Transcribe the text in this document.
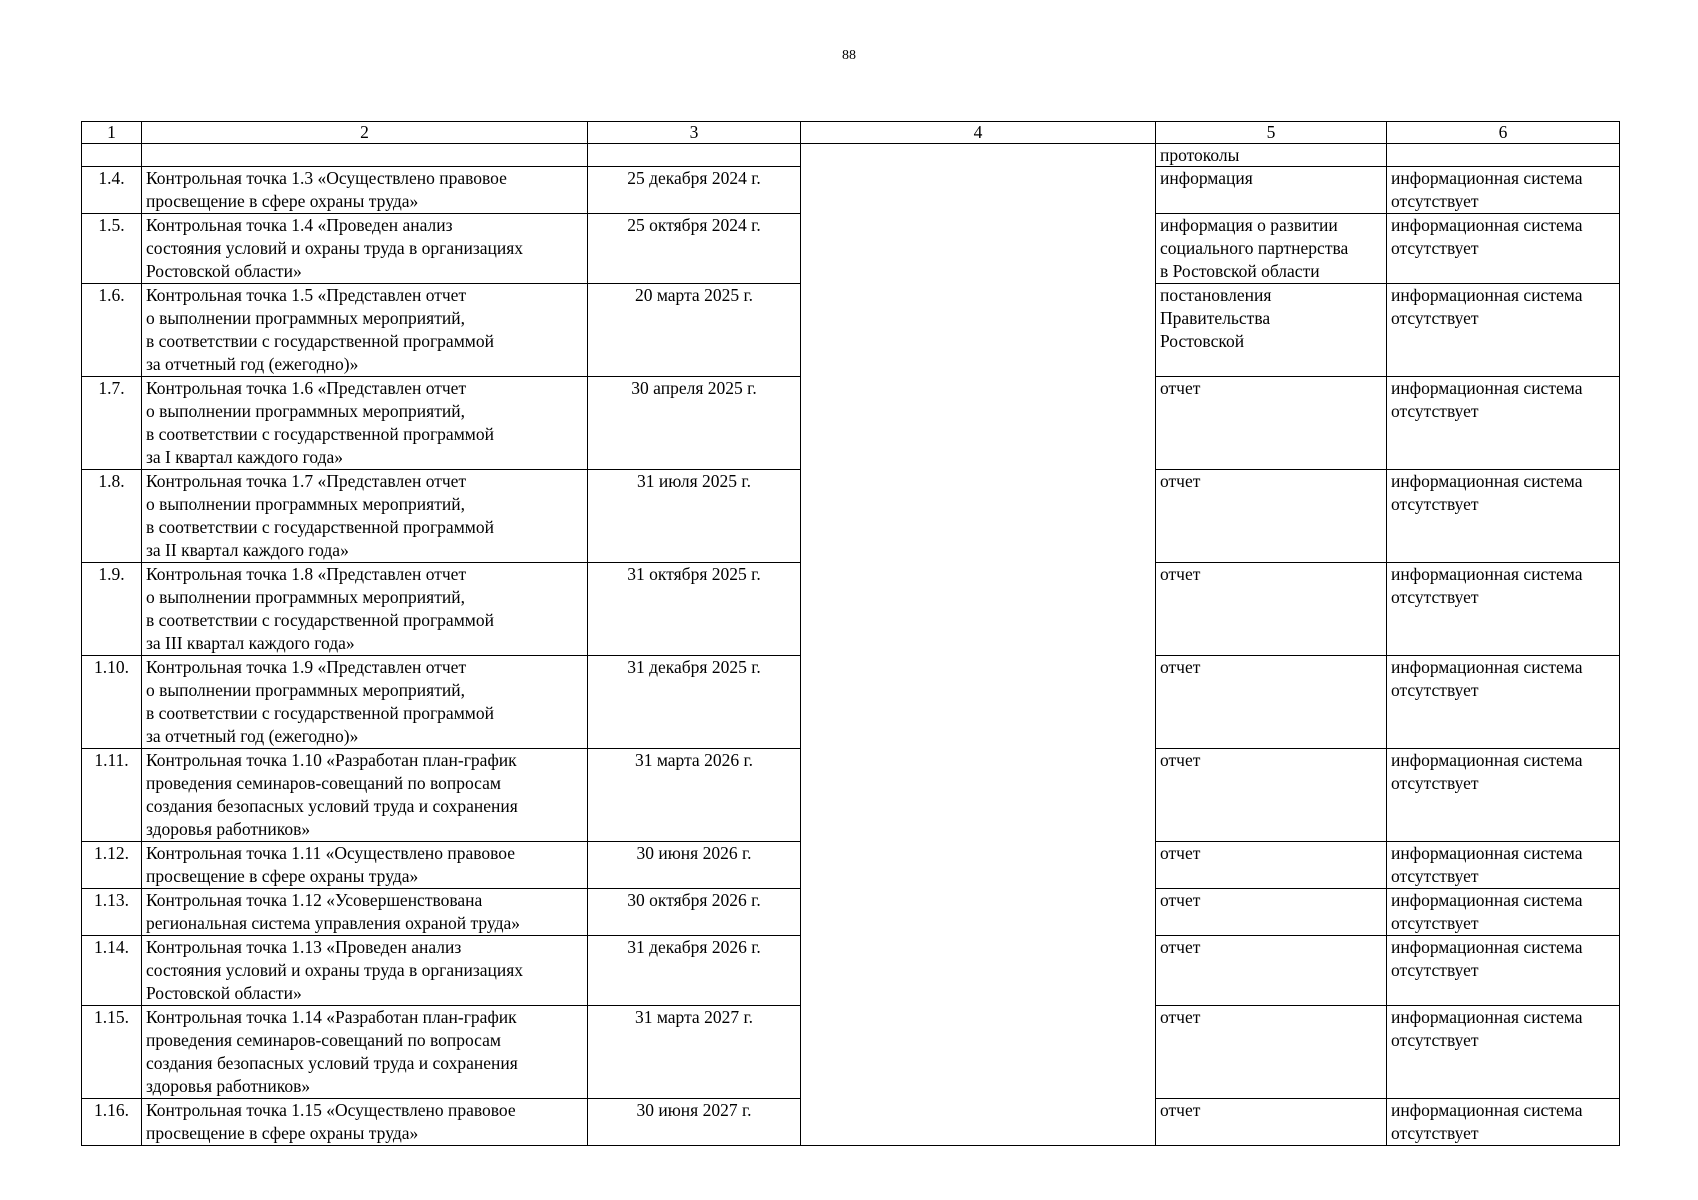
88
1	2	3	4	5	6
				протоколы	
1.4.	Контрольная точка 1.3 «Осуществлено правовое
просвещение в сфере охраны труда»	25 декабря 2024 г.		информация	информационная система
отсутствует
1.5.	Контрольная точка 1.4 «Проведен анализ
состояния условий и охраны труда в организациях
Ростовской области»	25 октября 2024 г.		информация о развитии
социального партнерства
в Ростовской области	информационная система
отсутствует
1.6.	Контрольная точка 1.5 «Представлен отчет
о выполнении программных мероприятий,
в соответствии с государственной программой
за отчетный год (ежегодно)»	20 марта 2025 г.		постановления
Правительства
Ростовской	информационная система
отсутствует
1.7.	Контрольная точка 1.6 «Представлен отчет
о выполнении программных мероприятий,
в соответствии с государственной программой
за I квартал каждого года»	30 апреля 2025 г.		отчет	информационная система
отсутствует
1.8.	Контрольная точка 1.7 «Представлен отчет
о выполнении программных мероприятий,
в соответствии с государственной программой
за II квартал каждого года»	31 июля 2025 г.		отчет	информационная система
отсутствует
1.9.	Контрольная точка 1.8 «Представлен отчет
о выполнении программных мероприятий,
в соответствии с государственной программой
за III квартал каждого года»	31 октября 2025 г.		отчет	информационная система
отсутствует
1.10.	Контрольная точка 1.9 «Представлен отчет
о выполнении программных мероприятий,
в соответствии с государственной программой
за отчетный год (ежегодно)»	31 декабря 2025 г.		отчет	информационная система
отсутствует
1.11.	Контрольная точка 1.10 «Разработан план-график
проведения семинаров-совещаний по вопросам
создания безопасных условий труда и сохранения
здоровья работников»	31 марта 2026 г.		отчет	информационная система
отсутствует
1.12.	Контрольная точка 1.11 «Осуществлено правовое
просвещение в сфере охраны труда»	30 июня 2026 г.		отчет	информационная система
отсутствует
1.13.	Контрольная точка 1.12 «Усовершенствована
региональная система управления охраной труда»	30 октября 2026 г.		отчет	информационная система
отсутствует
1.14.	Контрольная точка 1.13 «Проведен анализ
состояния условий и охраны труда в организациях
Ростовской области»	31 декабря 2026 г.		отчет	информационная система
отсутствует
1.15.	Контрольная точка 1.14 «Разработан план-график
проведения семинаров-совещаний по вопросам
создания безопасных условий труда и сохранения
здоровья работников»	31 марта 2027 г.		отчет	информационная система
отсутствует
1.16.	Контрольная точка 1.15 «Осуществлено правовое
просвещение в сфере охраны труда»	30 июня 2027 г.		отчет	информационная система
отсутствует
